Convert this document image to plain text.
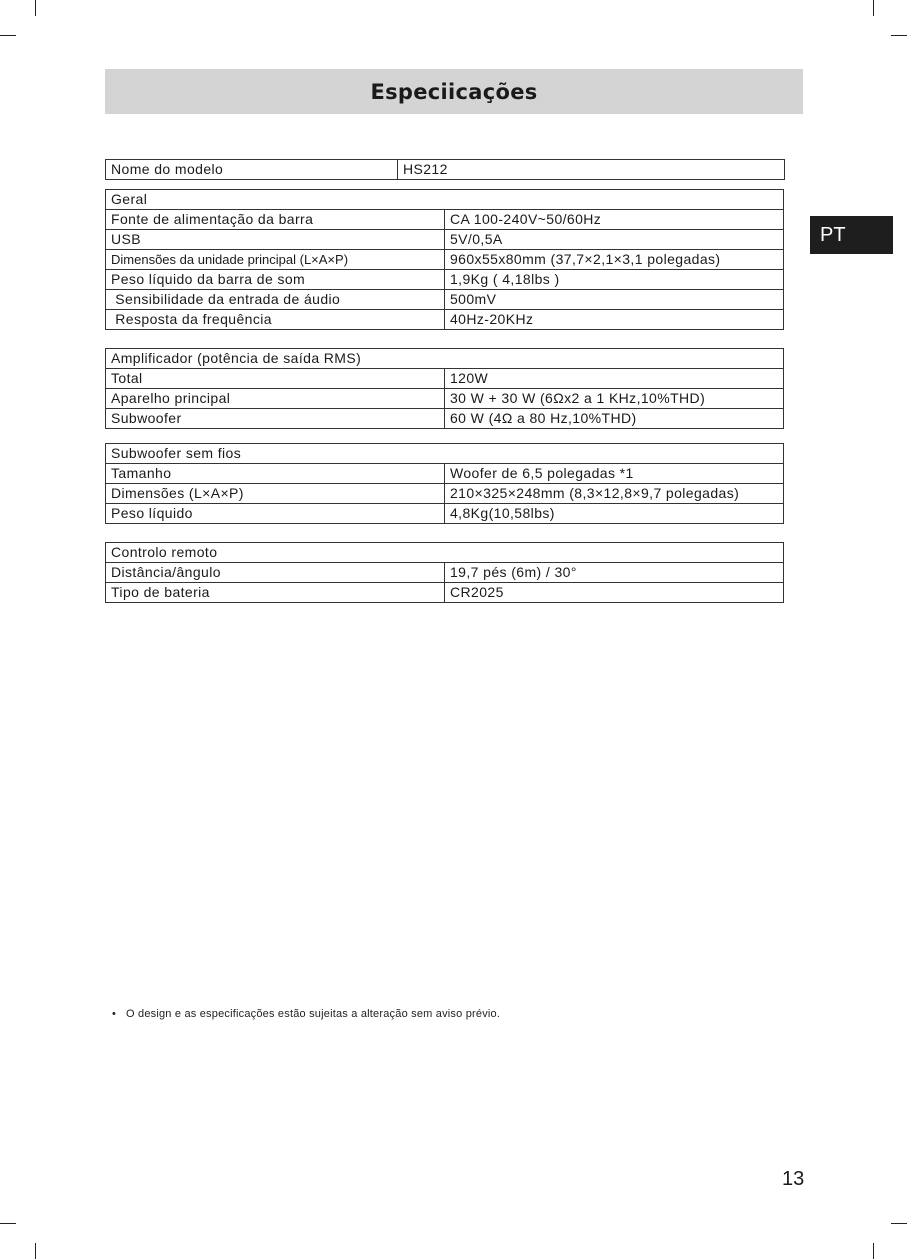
Especiicações
PT
Nome do modelo	HS212
Geral	
Fonte de alimentação da barra	CA 100-240V~50/60Hz
USB	5V/0,5A
Dimensões da unidade principal (L×A×P)	960x55x80mm (37,7×2,1×3,1 polegadas)
Peso líquido da barra de som	1,9Kg ( 4,18lbs )
Sensibilidade da entrada de áudio	500mV
Resposta da frequência	40Hz-20KHz
Amplificador (potência de saída RMS)	
Total	120W
Aparelho principal	30 W + 30 W (6Ωx2 a 1 KHz,10%THD)
Subwoofer	60 W (4Ω a 80 Hz,10%THD)
Subwoofer sem fios	
Tamanho	Woofer de 6,5 polegadas *1
Dimensões (L×A×P)	210×325×248mm (8,3×12,8×9,7 polegadas)
Peso líquido	4,8Kg(10,58lbs)
Controlo remoto	
Distância/ângulo	19,7 pés (6m) / 30°
Tipo de bateria	CR2025
• O design e as especificações estão sujeitas a alteração sem aviso prévio.
13
